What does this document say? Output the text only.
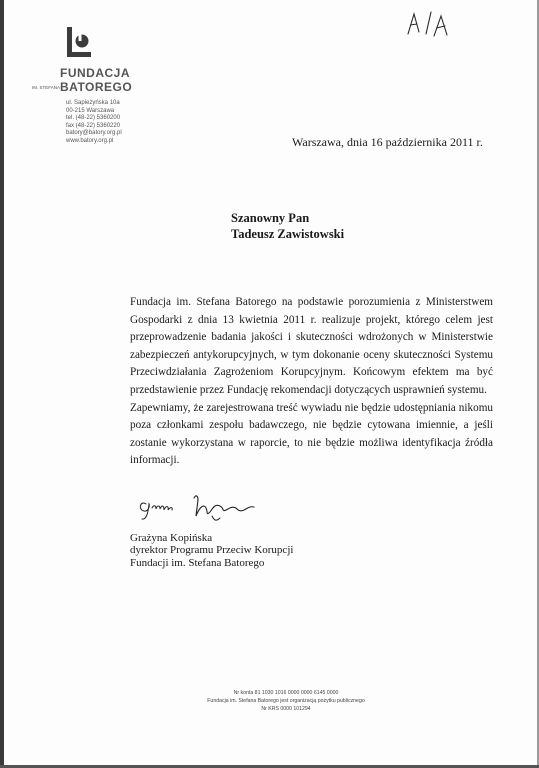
FUNDACJA
IM. STEFANA BATOREGO
ul. Sapieżyńska 10a
00-215 Warszawa
tel. (48-22) 5360200
fax (48-22) 5360220
batory@batory.org.pl
www.batory.org.pl	Warszawa, dnia 16 października 2011 r.
Szanowny Pan
Tadeusz Zawistowski

Fundacja im. Stefana Batorego na podstawie porozumienia z Ministerstwem Gospodarki z dnia 13 kwietnia 2011 r. realizuje projekt, którego celem jest przeprowadzenie badania jakości i skuteczności wdrożonych w Ministerstwie zabezpieczeń antykorupcyjnych, w tym dokonanie oceny skuteczności Systemu Przeciwdziałania Zagrożeniom Korupcyjnym. Końcowym efektem ma być przedstawienie przez Fundację rekomendacji dotyczących usprawnień systemu.

Zapewniamy, że zarejestrowana treść wywiadu nie będzie udostępniania nikomu poza członkami zespołu badawczego, nie będzie cytowana imiennie, a jeśli zostanie wykorzystana w raporcie, to nie będzie możliwa identyfikacja źródła informacji.

Grażyna Kopińska
dyrektor Programu Przeciw Korupcji
Fundacji im. Stefana Batorego
Nr konta 81 1030 1016 0000 0000 6145 0000
Fundacja im. Stefana Batorego jest organizacją pożytku publicznego
Nr KRS 0000 101294
